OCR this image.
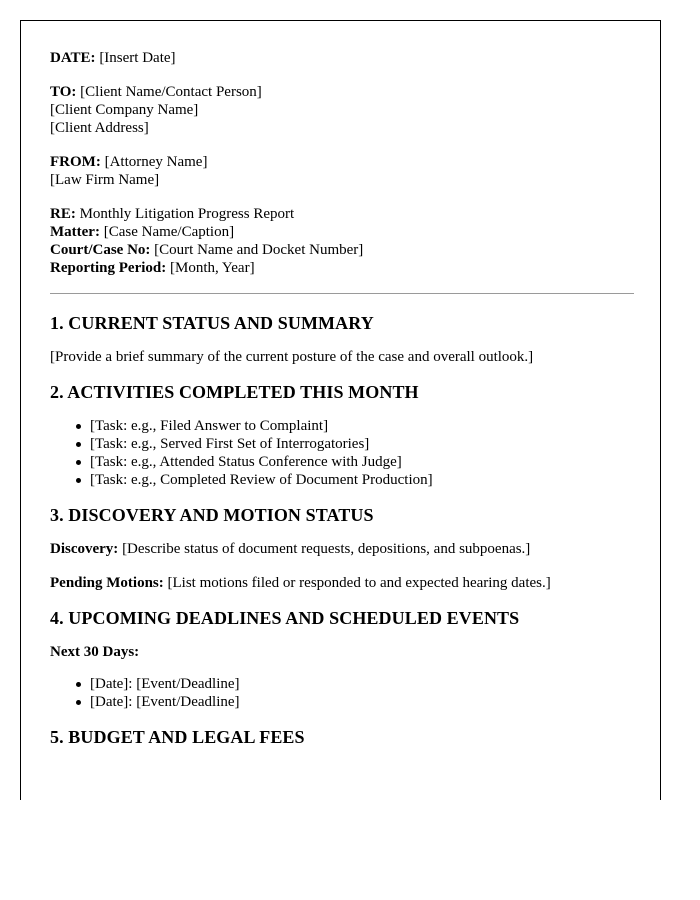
DATE: [Insert Date]
TO: [Client Name/Contact Person]
[Client Company Name]
[Client Address]
FROM: [Attorney Name]
[Law Firm Name]
RE: Monthly Litigation Progress Report
Matter: [Case Name/Caption]
Court/Case No: [Court Name and Docket Number]
Reporting Period: [Month, Year]
1. CURRENT STATUS AND SUMMARY
[Provide a brief summary of the current posture of the case and overall outlook.]
2. ACTIVITIES COMPLETED THIS MONTH
[Task: e.g., Filed Answer to Complaint]
[Task: e.g., Served First Set of Interrogatories]
[Task: e.g., Attended Status Conference with Judge]
[Task: e.g., Completed Review of Document Production]
3. DISCOVERY AND MOTION STATUS
Discovery: [Describe status of document requests, depositions, and subpoenas.]
Pending Motions: [List motions filed or responded to and expected hearing dates.]
4. UPCOMING DEADLINES AND SCHEDULED EVENTS
Next 30 Days:
[Date]: [Event/Deadline]
[Date]: [Event/Deadline]
5. BUDGET AND LEGAL FEES
